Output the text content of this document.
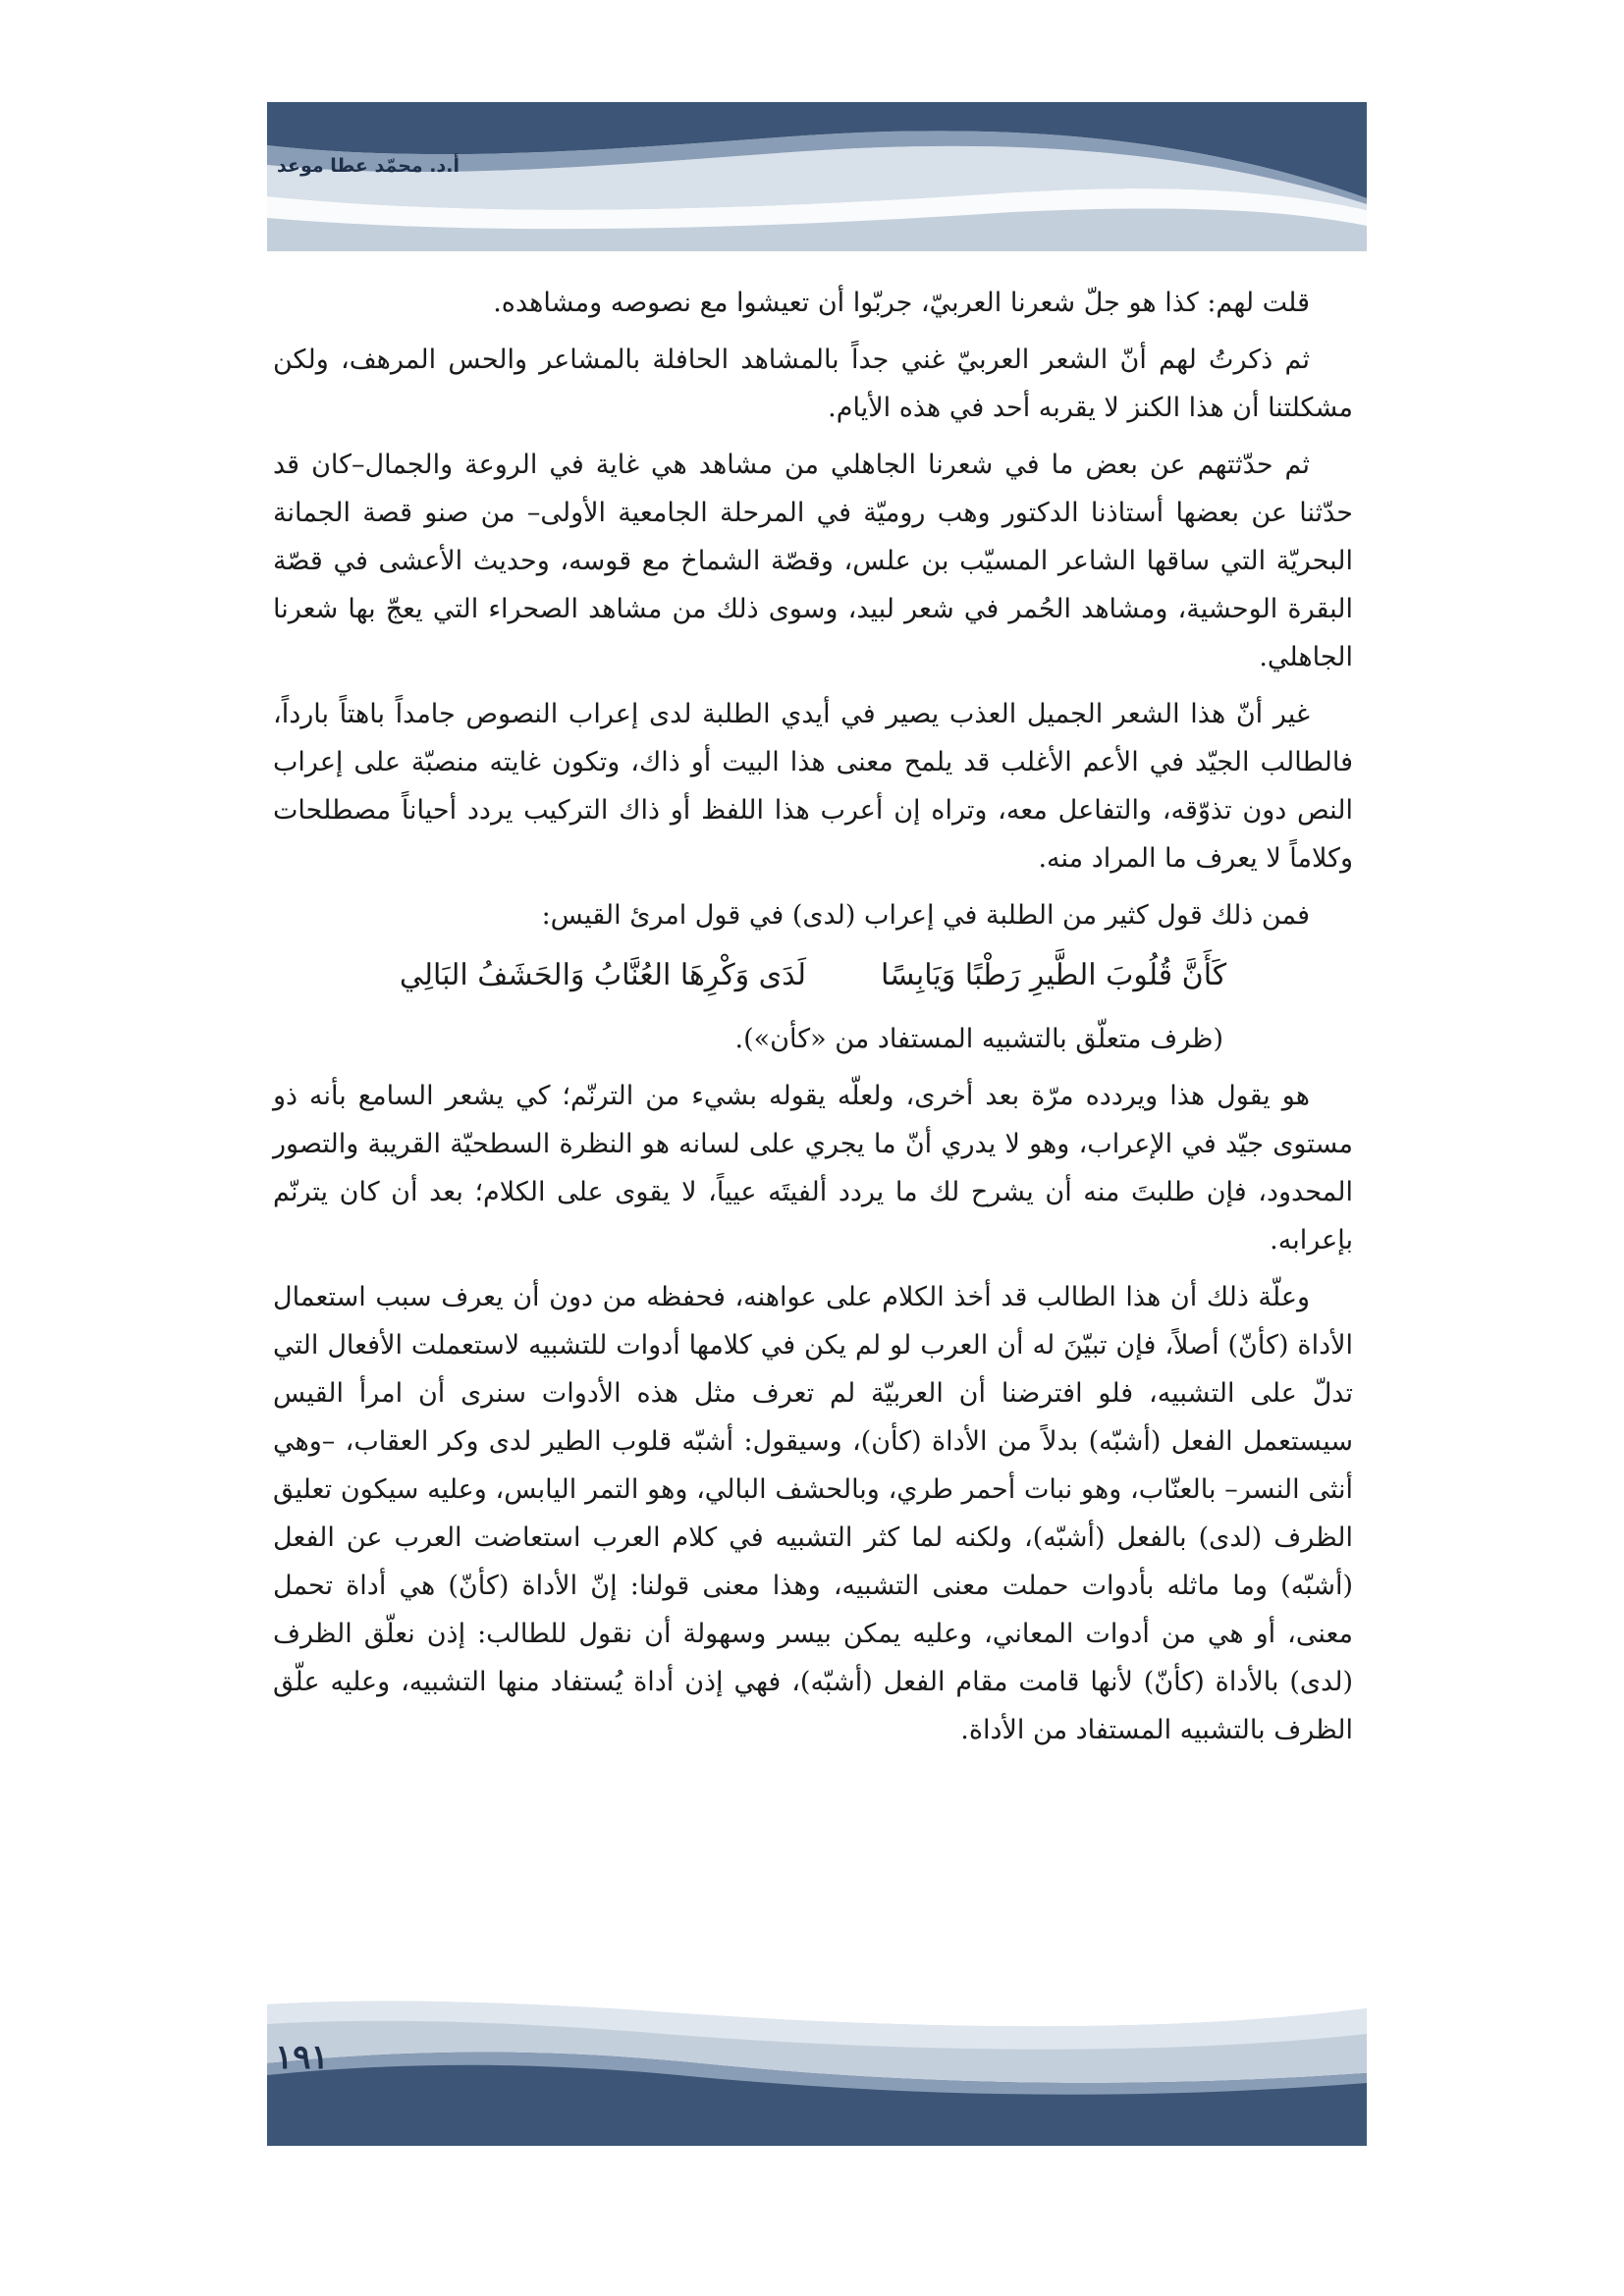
أ.د. محمّد عطا موعد

قلت لهم: كذا هو جلّ شعرنا العربيّ، جربّوا أن تعيشوا مع نصوصه ومشاهده.

ثم ذكرتُ لهم أنّ الشعر العربيّ غني جداً بالمشاهد الحافلة بالمشاعر والحس المرهف، ولكن مشكلتنا أن هذا الكنز لا يقربه أحد في هذه الأيام.

ثم حدّثتهم عن بعض ما في شعرنا الجاهلي من مشاهد هي غاية في الروعة والجمال–كان قد حدّثنا عن بعضها أستاذنا الدكتور وهب روميّة في المرحلة الجامعية الأولى– من صنو قصة الجمانة البحريّة التي ساقها الشاعر المسيّب بن علس، وقصّة الشماخ مع قوسه، وحديث الأعشى في قصّة البقرة الوحشية، ومشاهد الحُمر في شعر لبيد، وسوى ذلك من مشاهد الصحراء التي يعجّ بها شعرنا الجاهلي.

غير أنّ هذا الشعر الجميل العذب يصير في أيدي الطلبة لدى إعراب النصوص جامداً باهتاً بارداً، فالطالب الجيّد في الأعم الأغلب قد يلمح معنى هذا البيت أو ذاك، وتكون غايته منصبّة على إعراب النص دون تذوّقه، والتفاعل معه، وتراه إن أعرب هذا اللفظ أو ذاك التركيب يردد أحياناً مصطلحات وكلاماً لا يعرف ما المراد منه.

فمن ذلك قول كثير من الطلبة في إعراب (لدى) في قول امرئ القيس:

كَأَنَّ قُلُوبَ الطَّيرِ رَطْبًا وَيَابِسًا
لَدَى وَكْرِهَا العُنَّابُ وَالحَشَفُ البَالِي

(ظرف متعلّق بالتشبيه المستفاد من «كأن»).

هو يقول هذا ويردده مرّة بعد أخرى، ولعلّه يقوله بشيء من الترنّم؛ كي يشعر السامع بأنه ذو مستوى جيّد في الإعراب، وهو لا يدري أنّ ما يجري على لسانه هو النظرة السطحيّة القريبة والتصور المحدود، فإن طلبتَ منه أن يشرح لك ما يردد ألفيتَه عيياً، لا يقوى على الكلام؛ بعد أن كان يترنّم بإعرابه.

وعلّة ذلك أن هذا الطالب قد أخذ الكلام على عواهنه، فحفظه من دون أن يعرف سبب استعمال الأداة (كأنّ) أصلاً، فإن تبيّنَ له أن العرب لو لم يكن في كلامها أدوات للتشبيه لاستعملت الأفعال التي تدلّ على التشبيه، فلو افترضنا أن العربيّة لم تعرف مثل هذه الأدوات سنرى أن امرأ القيس سيستعمل الفعل (أشبّه) بدلاً من الأداة (كأن)، وسيقول: أشبّه قلوب الطير لدى وكر العقاب، –وهي أنثى النسر– بالعنّاب، وهو نبات أحمر طري، وبالحشف البالي، وهو التمر اليابس، وعليه سيكون تعليق الظرف (لدى) بالفعل (أشبّه)، ولكنه لما كثر التشبيه في كلام العرب استعاضت العرب عن الفعل (أشبّه) وما ماثله بأدوات حملت معنى التشبيه، وهذا معنى قولنا: إنّ الأداة (كأنّ) هي أداة تحمل معنى، أو هي من أدوات المعاني، وعليه يمكن بيسر وسهولة أن نقول للطالب: إذن نعلّق الظرف (لدى) بالأداة (كأنّ) لأنها قامت مقام الفعل (أشبّه)، فهي إذن أداة يُستفاد منها التشبيه، وعليه علّق الظرف بالتشبيه المستفاد من الأداة.

١٩١
